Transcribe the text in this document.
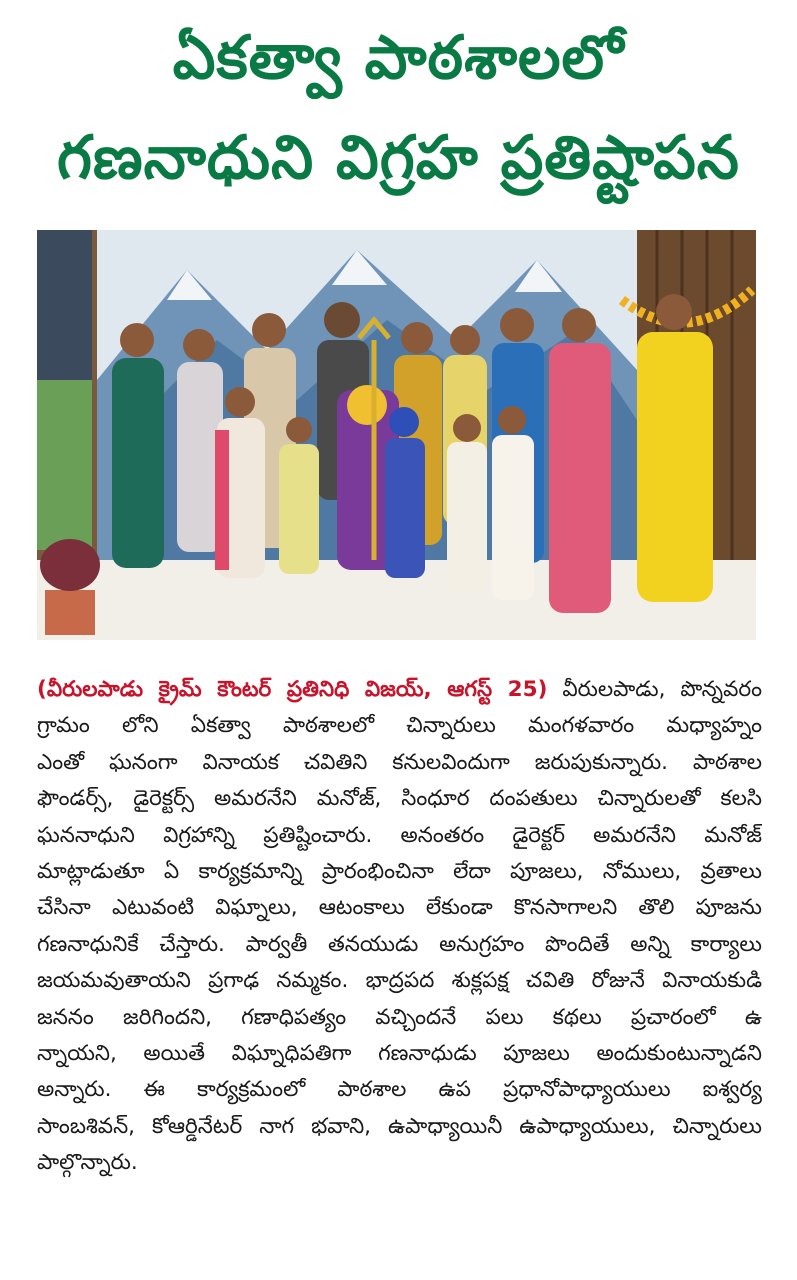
ఏకత్వా పాఠశాలలో
గణనాధుని విగ్రహ ప్రతిష్టాపన
(వీరులపాడు క్రైమ్ కౌంటర్ ప్రతినిధి విజయ్, ఆగస్ట్ 25) వీరులపాడు, పొన్నవరం
గ్రామం లోని ఏకత్వా పాఠశాలలో చిన్నారులు మంగళవారం మధ్యాహ్నం
ఎంతో ఘనంగా వినాయక చవితిని కనులవిందుగా జరుపుకున్నారు. పాఠశాల
ఫౌండర్స్, డైరెక్టర్స్ అమరనేని మనోజ్, సింధూర దంపతులు చిన్నారులతో కలసి
ఘననాధుని విగ్రహాన్ని ప్రతిష్టించారు. అనంతరం డైరెక్టర్ అమరనేని మనోజ్
మాట్లాడుతూ ఏ కార్యక్రమాన్ని ప్రారంభించినా లేదా పూజలు, నోములు, వ్రతాలు
చేసినా ఎటువంటి విఘ్నాలు, ఆటంకాలు లేకుండా కొనసాగాలని తొలి పూజను
గణనాధునికే చేస్తారు. పార్వతీ తనయుడు అనుగ్రహం పొందితే అన్ని కార్యాలు
జయమవుతాయని ప్రగాఢ నమ్మకం. భాద్రపద శుక్లపక్ష చవితి రోజునే వినాయకుడి
జననం జరిగిందని, గణాధిపత్యం వచ్చిందనే పలు కథలు ప్రచారంలో ఉ
న్నాయని, అయితే విఘ్నాధిపతిగా గణనాధుడు పూజలు అందుకుంటున్నాడని
అన్నారు. ఈ కార్యక్రమంలో పాఠశాల ఉప ప్రధానోపాధ్యాయులు ఐశ్వర్య
సాంబశివన్, కోఆర్డినేటర్ నాగ భవాని, ఉపాధ్యాయినీ ఉపాధ్యాయులు, చిన్నారులు
పాల్గొన్నారు.
